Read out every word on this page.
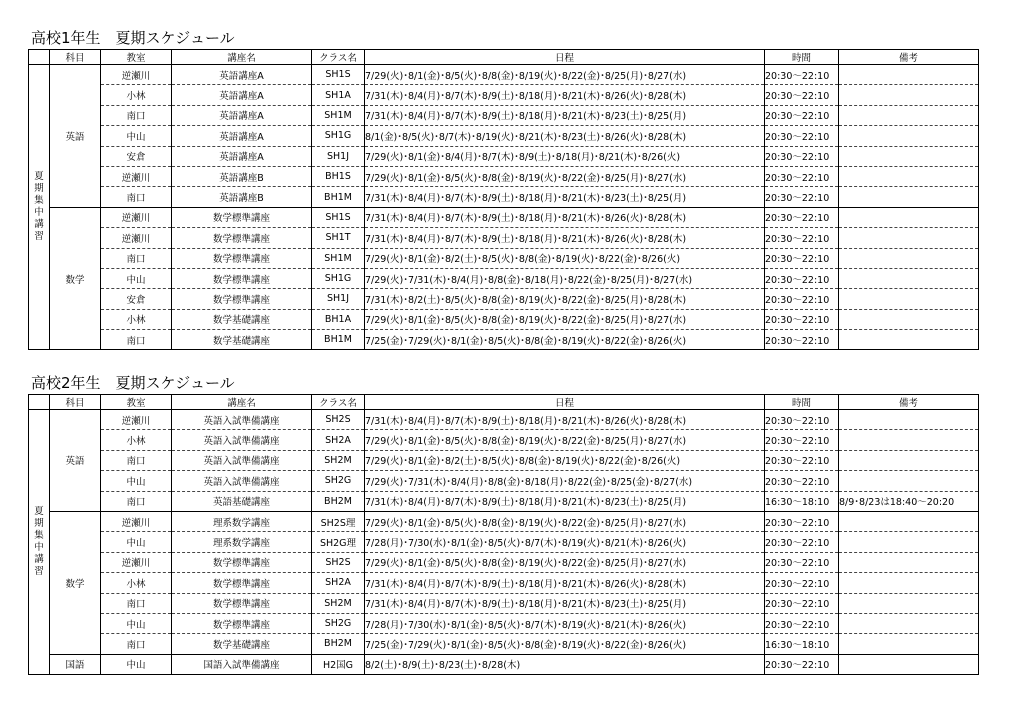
高校1年生　夏期スケジュール
	科目	教室	講座名	クラス名	日程	時間	備考
夏期集中講習	英語	逆瀬川	英語講座A	SH1S	7/29(火)･8/1(金)･8/5(火)･8/8(金)･8/19(火)･8/22(金)･8/25(月)･8/27(水)	20:30～22:10	
		小林	英語講座A	SH1A	7/31(木)･8/4(月)･8/7(木)･8/9(土)･8/18(月)･8/21(木)･8/26(火)･8/28(木)	20:30～22:10	
		南口	英語講座A	SH1M	7/31(木)･8/4(月)･8/7(木)･8/9(土)･8/18(月)･8/21(木)･8/23(土)･8/25(月)	20:30～22:10	
		中山	英語講座A	SH1G	8/1(金)･8/5(火)･8/7(木)･8/19(火)･8/21(木)･8/23(土)･8/26(火)･8/28(木)	20:30～22:10	
		安倉	英語講座A	SH1J	7/29(火)･8/1(金)･8/4(月)･8/7(木)･8/9(土)･8/18(月)･8/21(木)･8/26(火)	20:30～22:10	
		逆瀬川	英語講座B	BH1S	7/29(火)･8/1(金)･8/5(火)･8/8(金)･8/19(火)･8/22(金)･8/25(月)･8/27(水)	20:30～22:10	
		南口	英語講座B	BH1M	7/31(木)･8/4(月)･8/7(木)･8/9(土)･8/18(月)･8/21(木)･8/23(土)･8/25(月)	20:30～22:10	
	数学	逆瀬川	数学標準講座	SH1S	7/31(木)･8/4(月)･8/7(木)･8/9(土)･8/18(月)･8/21(木)･8/26(火)･8/28(木)	20:30～22:10	
		逆瀬川	数学標準講座	SH1T	7/31(木)･8/4(月)･8/7(木)･8/9(土)･8/18(月)･8/21(木)･8/26(火)･8/28(木)	20:30～22:10	
		南口	数学標準講座	SH1M	7/29(火)･8/1(金)･8/2(土)･8/5(火)･8/8(金)･8/19(火)･8/22(金)･8/26(火)	20:30～22:10	
		中山	数学標準講座	SH1G	7/29(火)･7/31(木)･8/4(月)･8/8(金)･8/18(月)･8/22(金)･8/25(月)･8/27(水)	20:30～22:10	
		安倉	数学標準講座	SH1J	7/31(木)･8/2(土)･8/5(火)･8/8(金)･8/19(火)･8/22(金)･8/25(月)･8/28(木)	20:30～22:10	
		小林	数学基礎講座	BH1A	7/29(火)･8/1(金)･8/5(火)･8/8(金)･8/19(火)･8/22(金)･8/25(月)･8/27(水)	20:30～22:10	
		南口	数学基礎講座	BH1M	7/25(金)･7/29(火)･8/1(金)･8/5(火)･8/8(金)･8/19(火)･8/22(金)･8/26(火)	20:30～22:10	
高校2年生　夏期スケジュール
	科目	教室	講座名	クラス名	日程	時間	備考
夏期集中講習	英語	逆瀬川	英語入試準備講座	SH2S	7/31(木)･8/4(月)･8/7(木)･8/9(土)･8/18(月)･8/21(木)･8/26(火)･8/28(木)	20:30～22:10	
		小林	英語入試準備講座	SH2A	7/29(火)･8/1(金)･8/5(火)･8/8(金)･8/19(火)･8/22(金)･8/25(月)･8/27(水)	20:30～22:10	
		南口	英語入試準備講座	SH2M	7/29(火)･8/1(金)･8/2(土)･8/5(火)･8/8(金)･8/19(火)･8/22(金)･8/26(火)	20:30～22:10	
		中山	英語入試準備講座	SH2G	7/29(火)･7/31(木)･8/4(月)･8/8(金)･8/18(月)･8/22(金)･8/25(金)･8/27(水)	20:30～22:10	
		南口	英語基礎講座	BH2M	7/31(木)･8/4(月)･8/7(木)･8/9(土)･8/18(月)･8/21(木)･8/23(土)･8/25(月)	16:30～18:10	8/9･8/23は18:40～20:20
	数学	逆瀬川	理系数学講座	SH2S理	7/29(火)･8/1(金)･8/5(火)･8/8(金)･8/19(火)･8/22(金)･8/25(月)･8/27(水)	20:30～22:10	
		中山	理系数学講座	SH2G理	7/28(月)･7/30(水)･8/1(金)･8/5(火)･8/7(木)･8/19(火)･8/21(木)･8/26(火)	20:30～22:10	
		逆瀬川	数学標準講座	SH2S	7/29(火)･8/1(金)･8/5(火)･8/8(金)･8/19(火)･8/22(金)･8/25(月)･8/27(水)	20:30～22:10	
		小林	数学標準講座	SH2A	7/31(木)･8/4(月)･8/7(木)･8/9(土)･8/18(月)･8/21(木)･8/26(火)･8/28(木)	20:30～22:10	
		南口	数学標準講座	SH2M	7/31(木)･8/4(月)･8/7(木)･8/9(土)･8/18(月)･8/21(木)･8/23(土)･8/25(月)	20:30～22:10	
		中山	数学標準講座	SH2G	7/28(月)･7/30(水)･8/1(金)･8/5(火)･8/7(木)･8/19(火)･8/21(木)･8/26(火)	20:30～22:10	
		南口	数学基礎講座	BH2M	7/25(金)･7/29(火)･8/1(金)･8/5(火)･8/8(金)･8/19(火)･8/22(金)･8/26(火)	16:30～18:10	
	国語	中山	国語入試準備講座	H2国G	8/2(土)･8/9(土)･8/23(土)･8/28(木)	20:30～22:10	
